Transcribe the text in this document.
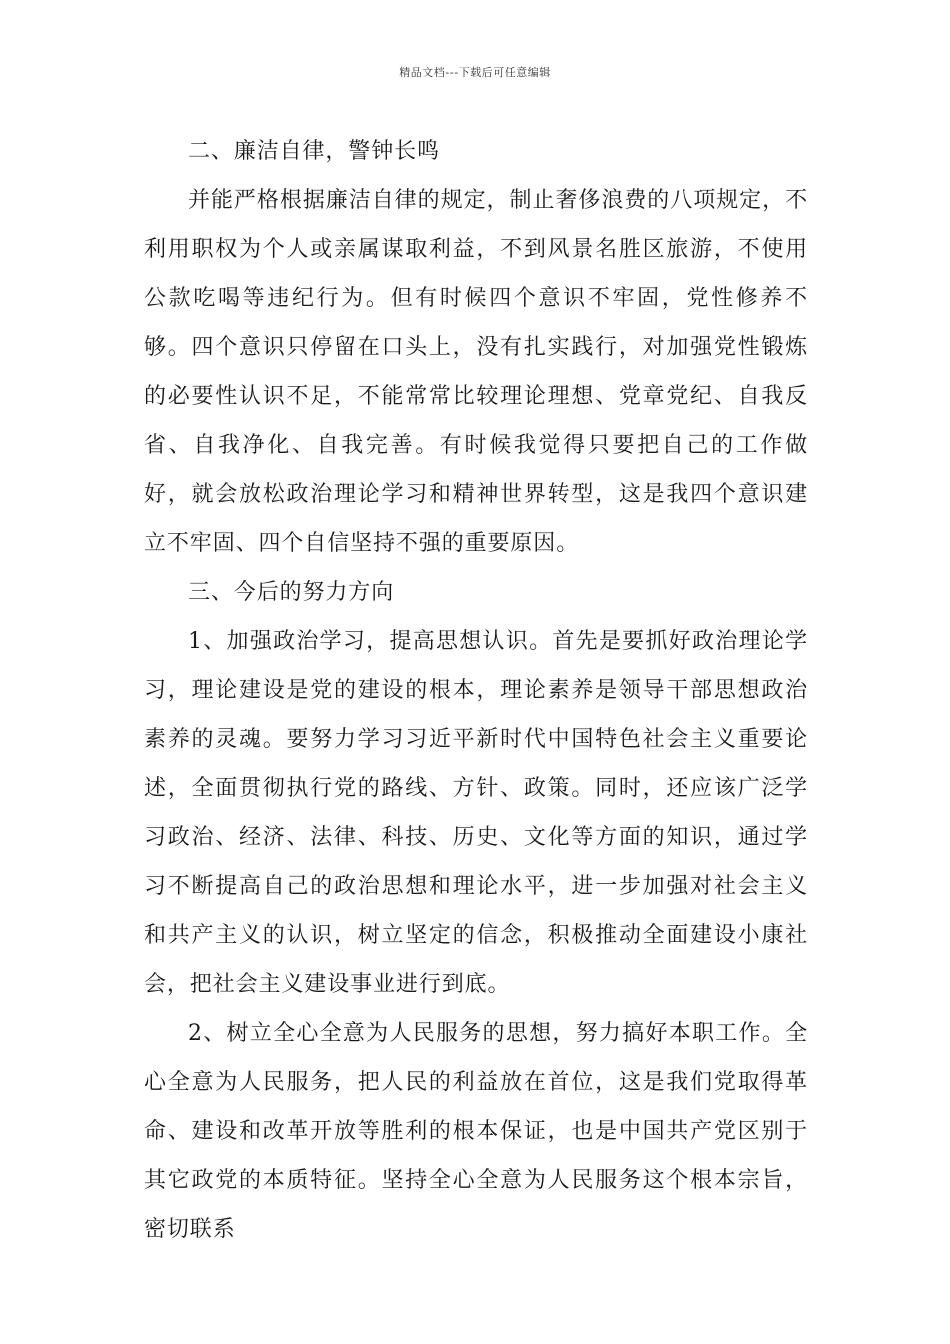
精品文档---下载后可任意编辑

二、廉洁自律，警钟长鸣

并能严格根据廉洁自律的规定，制止奢侈浪费的八项规定，不利用职权为个人或亲属谋取利益，不到风景名胜区旅游，不使用公款吃喝等违纪行为。但有时候四个意识不牢固，党性修养不够。四个意识只停留在口头上，没有扎实践行，对加强党性锻炼的必要性认识不足，不能常常比较理论理想、党章党纪、自我反省、自我净化、自我完善。有时候我觉得只要把自己的工作做好，就会放松政治理论学习和精神世界转型，这是我四个意识建立不牢固、四个自信坚持不强的重要原因。

三、今后的努力方向

1、加强政治学习，提高思想认识。首先是要抓好政治理论学习，理论建设是党的建设的根本，理论素养是领导干部思想政治素养的灵魂。要努力学习习近平新时代中国特色社会主义重要论述，全面贯彻执行党的路线、方针、政策。同时，还应该广泛学习政治、经济、法律、科技、历史、文化等方面的知识，通过学习不断提高自己的政治思想和理论水平，进一步加强对社会主义和共产主义的认识，树立坚定的信念，积极推动全面建设小康社会，把社会主义建设事业进行到底。

2、树立全心全意为人民服务的思想，努力搞好本职工作。全心全意为人民服务，把人民的利益放在首位，这是我们党取得革命、建设和改革开放等胜利的根本保证，也是中国共产党区别于其它政党的本质特征。坚持全心全意为人民服务这个根本宗旨，密切联系
